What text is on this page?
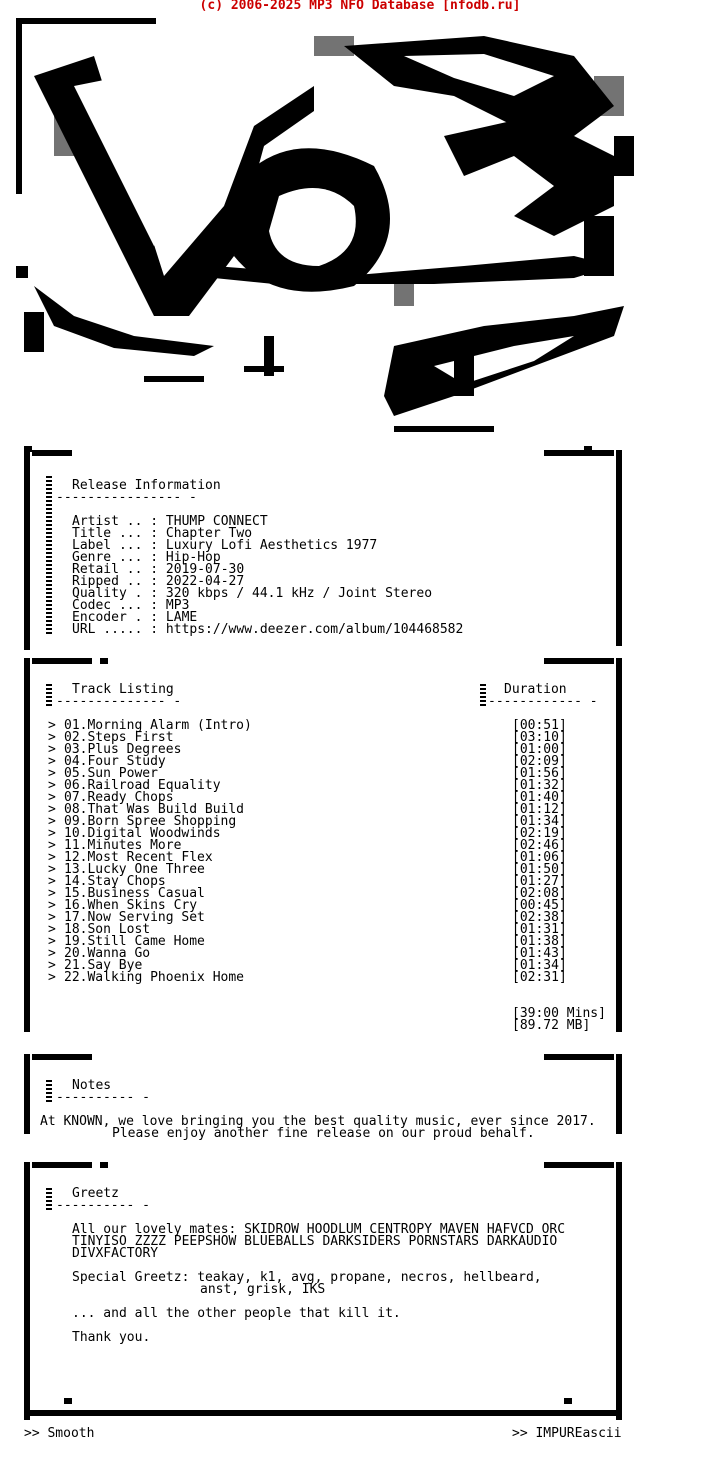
(c) 2006-2025 MP3 NFO Database [nfodb.ru]
sM
Release Information
---------------- -

Artist .. : THUMP CONNECT
Title ... : Chapter Two
Label ... : Luxury Lofi Aesthetics 1977
Genre ... : Hip-Hop
Retail .. : 2019-07-30
Ripped .. : 2022-04-27
Quality . : 320 kbps / 44.1 kHz / Joint Stereo
Codec ... : MP3
Encoder . : LAME
URL ..... : https://www.deezer.com/album/104468582

Track Listing
-------------- -
Duration
------------ -
> 01.Morning Alarm (Intro)	[00:51]
> 02.Steps First	[03:10]
> 03.Plus Degrees	[01:00]
> 04.Four Study	[02:09]
> 05.Sun Power	[01:56]
> 06.Railroad Equality	[01:32]
> 07.Ready Chops	[01:40]
> 08.That Was Build Build	[01:12]
> 09.Born Spree Shopping	[01:34]
> 10.Digital Woodwinds	[02:19]
> 11.Minutes More	[02:46]
> 12.Most Recent Flex	[01:06]
> 13.Lucky One Three	[01:50]
> 14.Stay Chops	[01:27]
> 15.Business Casual	[02:08]
> 16.When Skins Cry	[00:45]
> 17.Now Serving Set	[02:38]
> 18.Son Lost	[01:31]
> 19.Still Came Home	[01:38]
> 20.Wanna Go	[01:43]
> 21.Say Bye	[01:34]
> 22.Walking Phoenix Home	[02:31]
[39:00 Mins]
[89.72 MB]
Notes
---------- -
At KNOWN, we love bringing you the best quality music, ever since 2017.
Please enjoy another fine release on our proud behalf.
Greetz
---------- -
All our lovely mates: SKIDROW HOODLUM CENTROPY MAVEN HAFVCD ORC
TINYISO ZZZZ PEEPSHOW BLUEBALLS DARKSIDERS PORNSTARS DARKAUDIO
DIVXFACTORY
Special Greetz: teakay, k1, avg, propane, necros, hellbeard,
anst, grisk, IKS
... and all the other people that kill it.
Thank you.
>> Smooth	>> IMPUREascii
